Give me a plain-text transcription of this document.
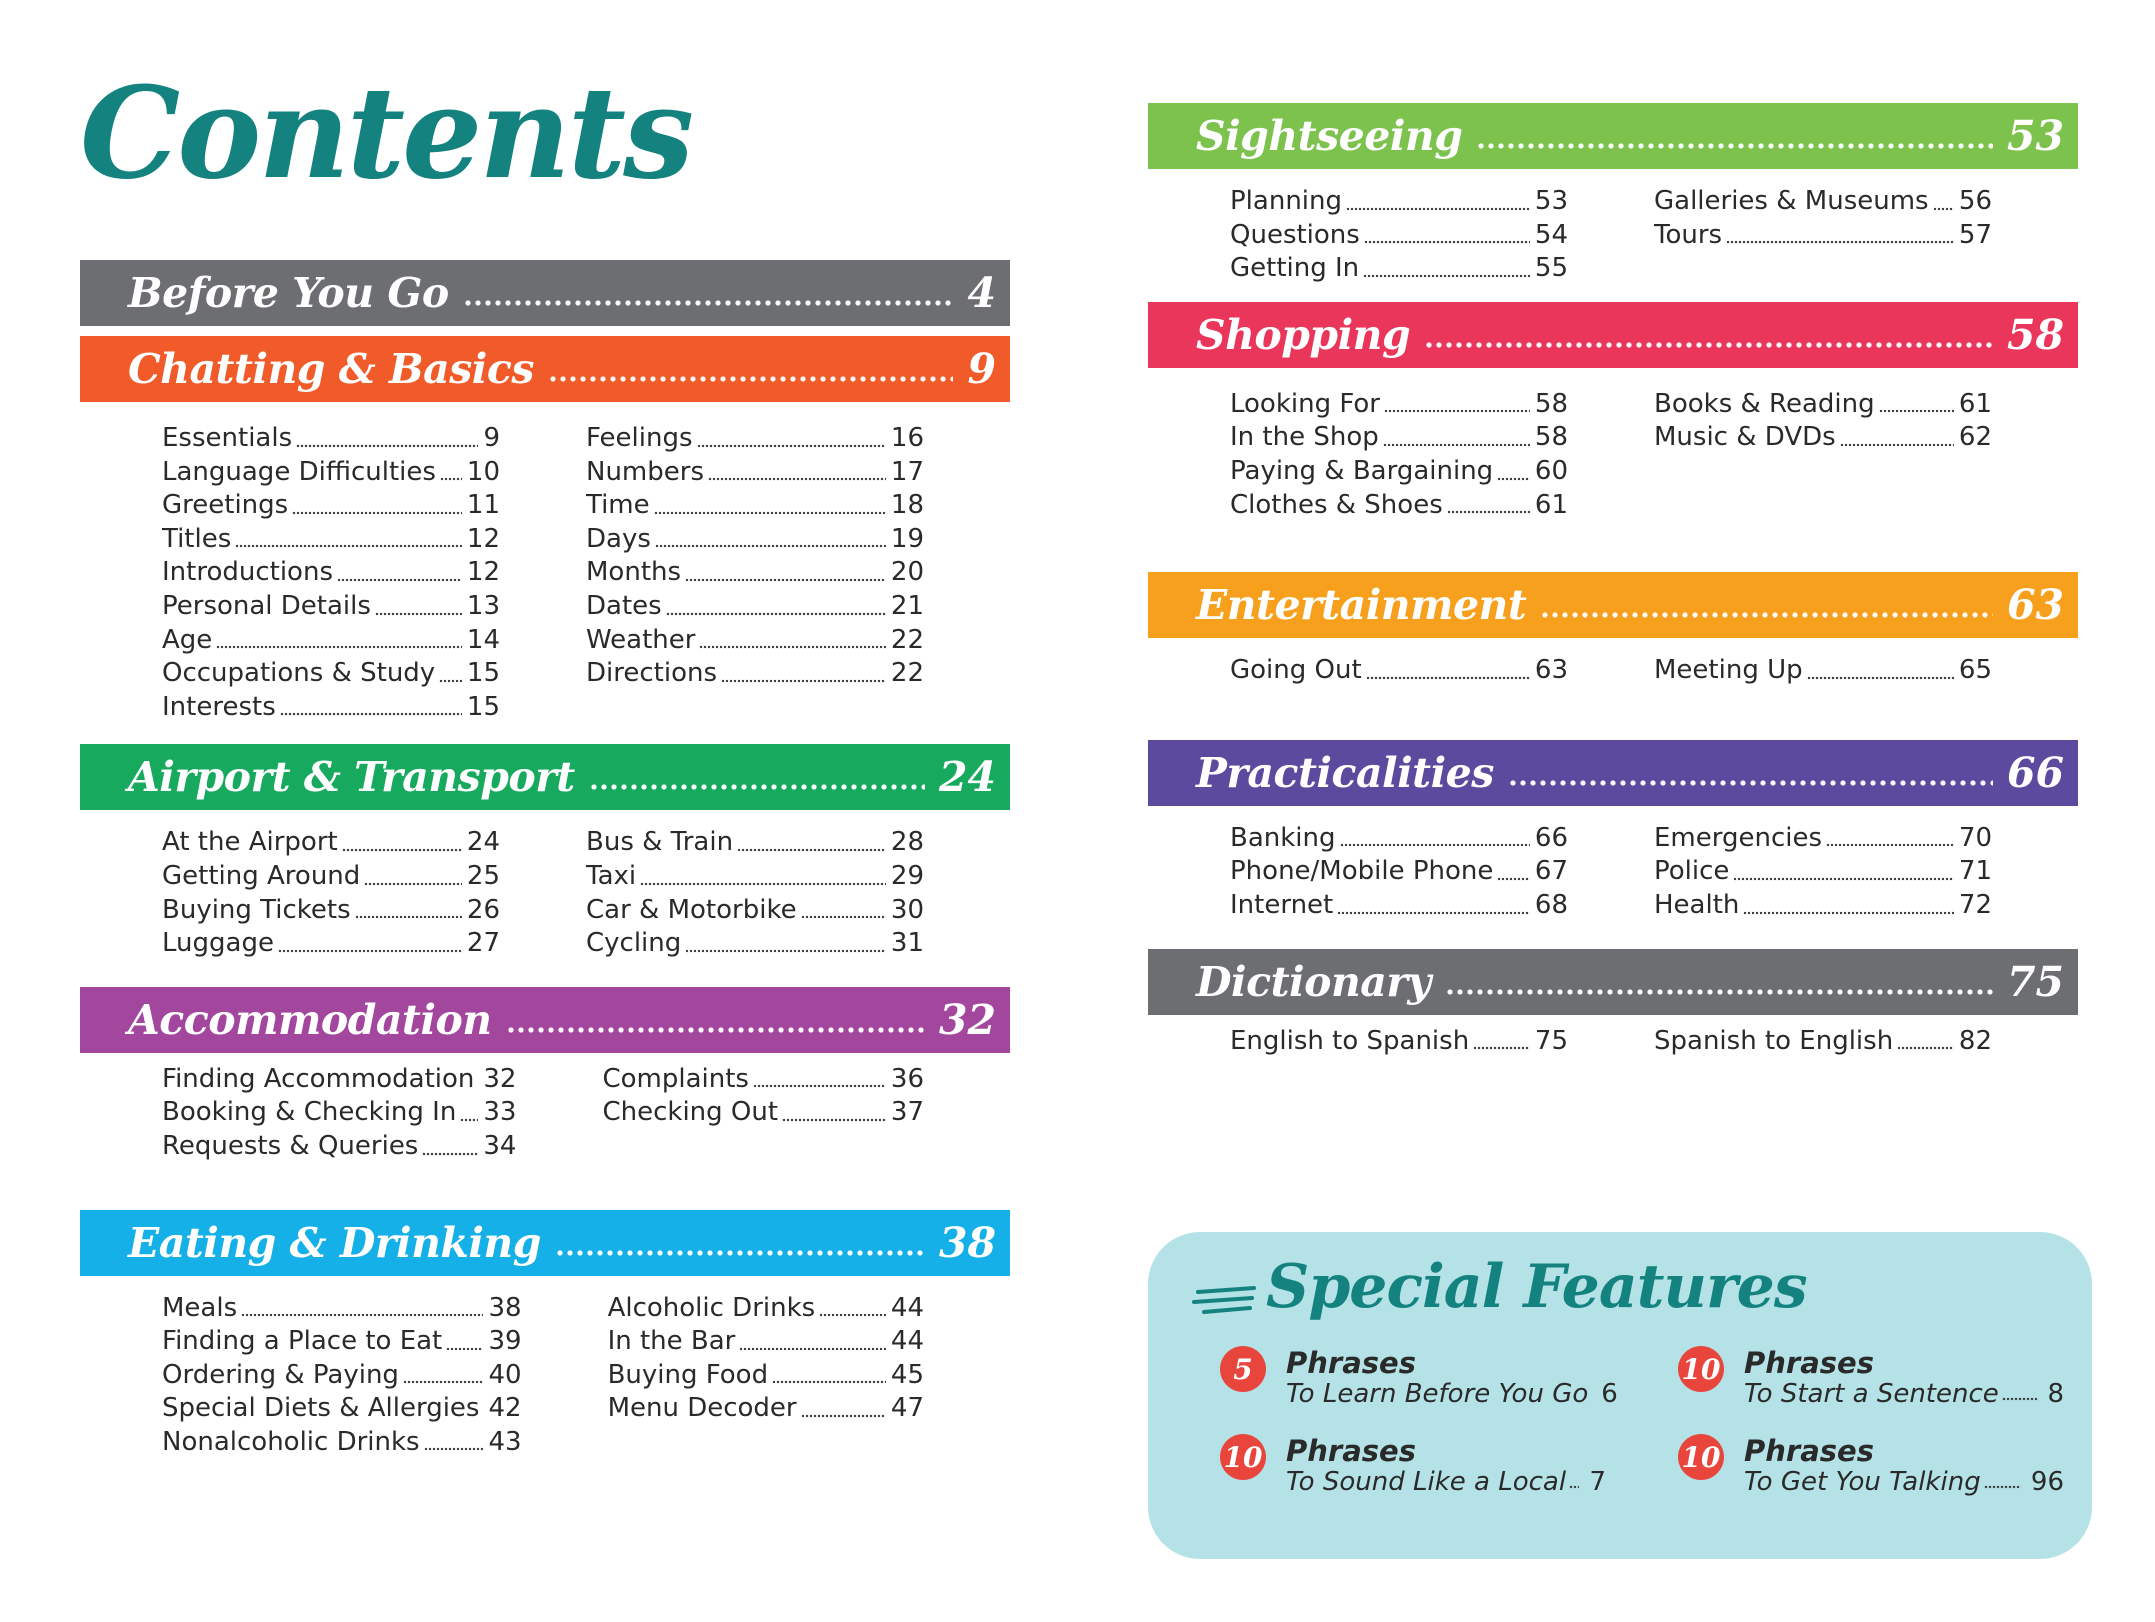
Contents
Before You Go	4
Chatting & Basics	9
Essentials	9
Language Difficulties 10
Greetings	11
Titles	12
Introductions	12
Personal Details	13
Age	14
Occupations & Study 15
Interests	15
Feelings	16
Numbers	17
Time	18
Days	19
Months	20
Dates	21
Weather	22
Directions	22
Airport & Transport	24
At the Airport	24
Getting Around	25
Buying Tickets	26
Luggage	27
Bus & Train	28
Taxi	29
Car & Motorbike	30
Cycling	31
Accommodation	32
Finding Accommodation 32
Booking & Checking In 33
Requests & Queries	34
Complaints	36
Checking Out	37
Eating & Drinking	38
Meals	38
Finding a Place to Eat 39
Ordering & Paying	40
Special Diets & Allergies 42
Nonalcoholic Drinks	43
Alcoholic Drinks	44
In the Bar	44
Buying Food	45
Menu Decoder	47
Sightseeing	53
Planning	53
Questions	54
Getting In	55
Galleries & Museums 56
Tours	57
Shopping	58
Looking For	58
In the Shop	58
Paying & Bargaining 60
Clothes & Shoes	61
Books & Reading	61
Music & DVDs	62
Entertainment	63
Going Out	63	Meeting Up	65
Practicalities	66
Banking	66
Phone/Mobile Phone 67
Internet	68
Emergencies	70
Police	71
Health	72
Dictionary	75
English to Spanish	75	Spanish to English	82
Special Features
5	Phrases
To Learn Before You Go 6
10 Phrases
To Start a Sentence 8
10 Phrases
To Sound Like a Local 7
10 Phrases
To Get You Talking 96
